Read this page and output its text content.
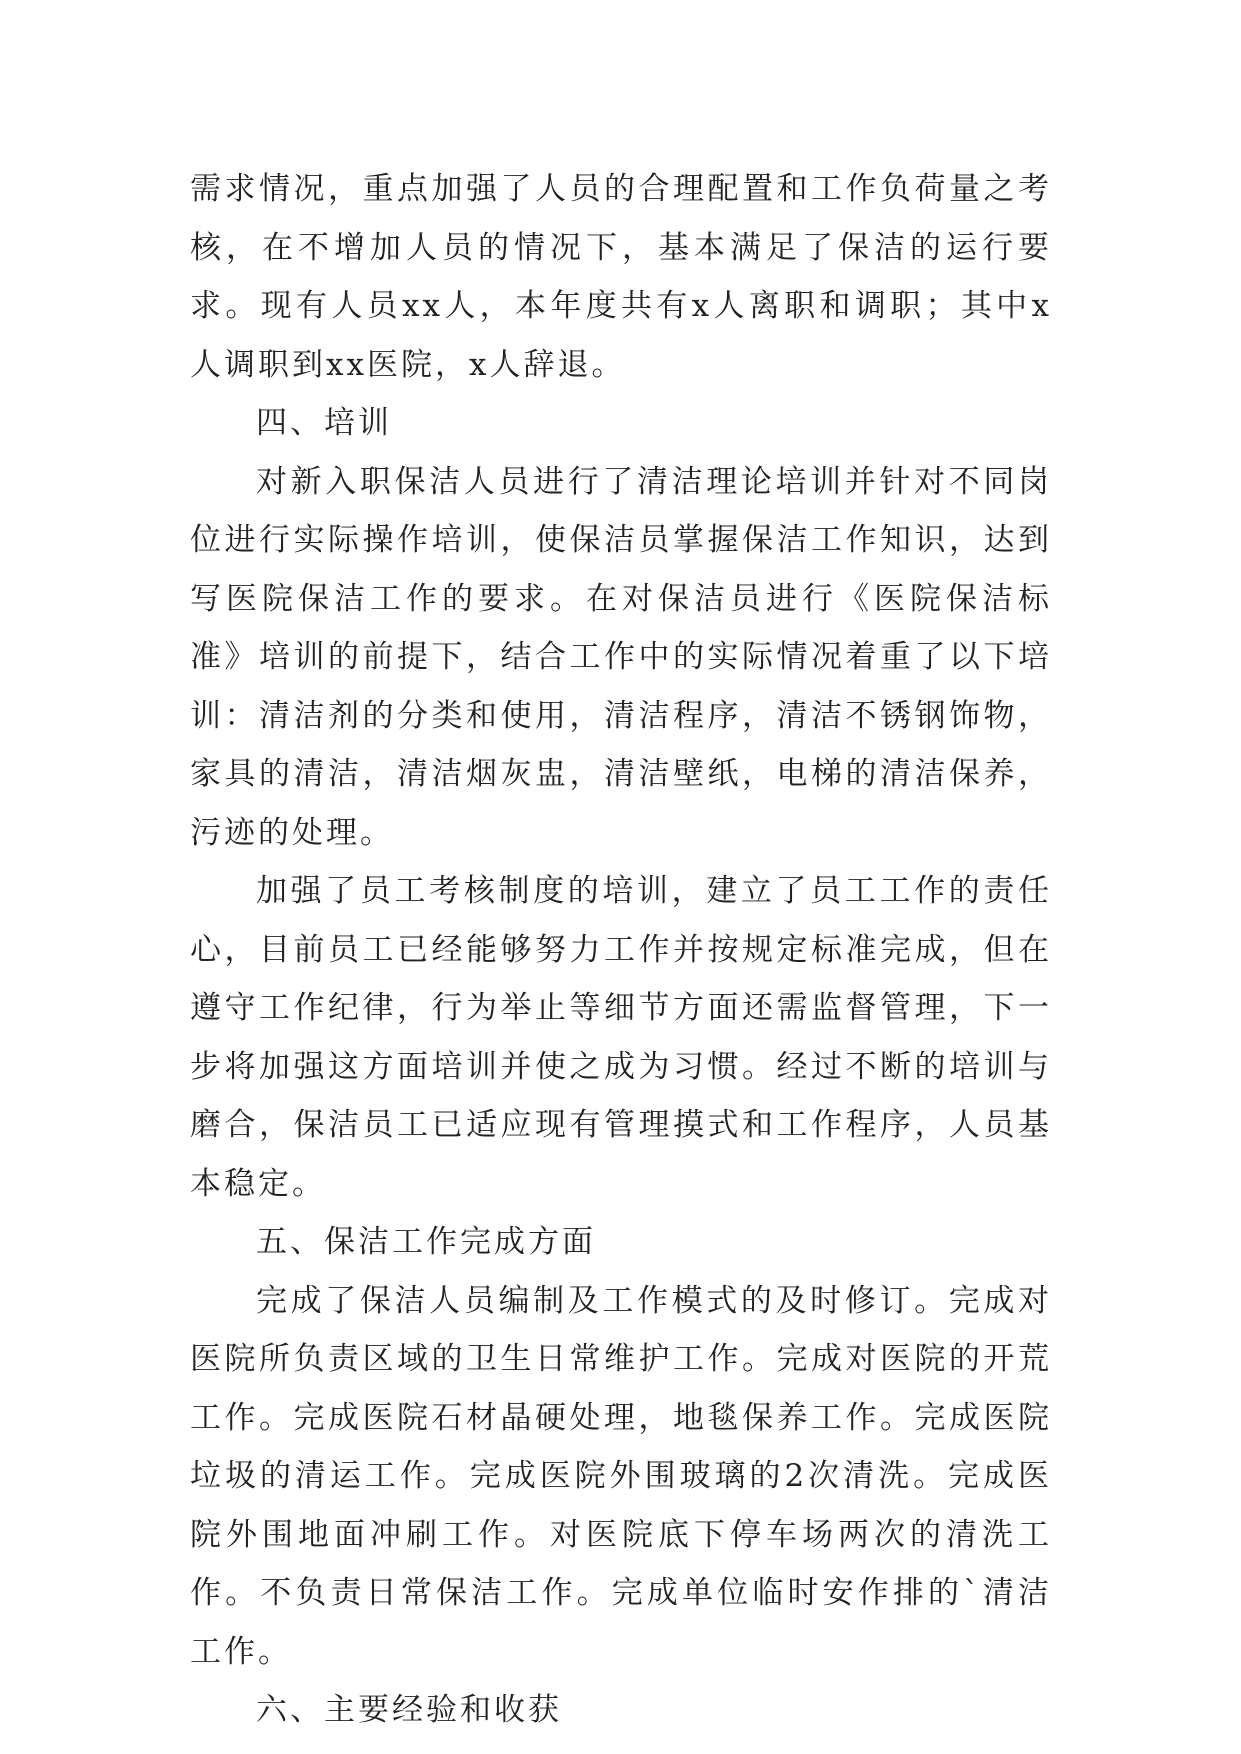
需求情况，重点加强了人员的合理配置和工作负荷量之考核，在不增加人员的情况下，基本满足了保洁的运行要求。现有人员xx人，本年度共有x人离职和调职；其中x人调职到xx医院，x人辞退。

四、培训

对新入职保洁人员进行了清洁理论培训并针对不同岗位进行实际操作培训，使保洁员掌握保洁工作知识，达到写医院保洁工作的要求。在对保洁员进行《医院保洁标准》培训的前提下，结合工作中的实际情况着重了以下培训：清洁剂的分类和使用，清洁程序，清洁不锈钢饰物，家具的清洁，清洁烟灰盅，清洁壁纸，电梯的清洁保养，污迹的处理。

加强了员工考核制度的培训，建立了员工工作的责任心，目前员工已经能够努力工作并按规定标准完成，但在遵守工作纪律，行为举止等细节方面还需监督管理，下一步将加强这方面培训并使之成为习惯。经过不断的培训与磨合，保洁员工已适应现有管理摸式和工作程序，人员基本稳定。

五、保洁工作完成方面

完成了保洁人员编制及工作模式的及时修订。完成对医院所负责区域的卫生日常维护工作。完成对医院的开荒工作。完成医院石材晶硬处理，地毯保养工作。完成医院垃圾的清运工作。完成医院外围玻璃的2次清洗。完成医院外围地面冲刷工作。对医院底下停车场两次的清洗工作。不负责日常保洁工作。完成单位临时安作排的`清洁工作。

六、主要经验和收获
